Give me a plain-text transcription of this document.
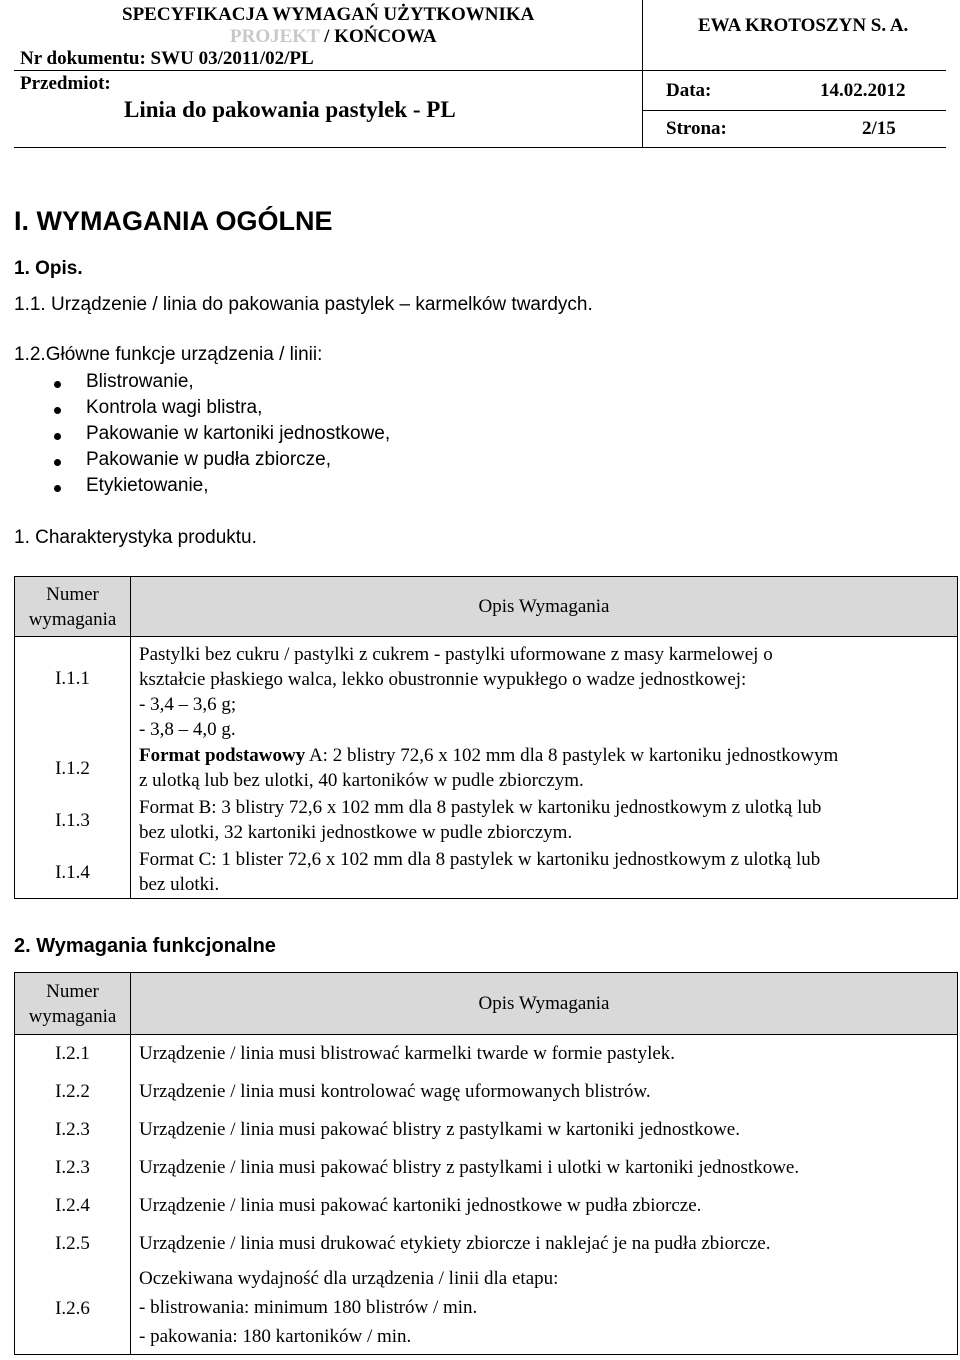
SPECYFIKACJA WYMAGAŃ UŻYTKOWNIKA
PROJEKT / KOŃCOWA
Nr dokumentu: SWU 03/2011/02/PL
EWA KROTOSZYN S. A.
Przedmiot:
Linia do pakowania pastylek - PL
Data:	14.02.2012
Strona:	2/15
I. WYMAGANIA OGÓLNE
1. Opis.
1.1. Urządzenie / linia do pakowania pastylek – karmelków twardych.
1.2.Główne funkcje urządzenia / linii:
Blistrowanie,
Kontrola wagi blistra,
Pakowanie w kartoniki jednostkowe,
Pakowanie w pudła zbiorcze,
Etykietowanie,
1. Charakterystyka produktu.
Numer wymagania	Opis Wymagania
I.1.1	Pastylki bez cukru / pastylki z cukrem - pastylki uformowane z masy karmelowej o
kształcie płaskiego walca, lekko obustronnie wypukłego o wadze jednostkowej:
- 3,4 – 3,6 g;
- 3,8 – 4,0 g.

I.1.2	Format podstawowy A: 2 blistry 72,6 x 102 mm dla 8 pastylek w kartoniku jednostkowym
z ulotką lub bez ulotki, 40 kartoników w pudle zbiorczym.

I.1.3	Format B: 3 blistry 72,6 x 102 mm dla 8 pastylek w kartoniku jednostkowym z ulotką lub
bez ulotki, 32 kartoniki jednostkowe w pudle zbiorczym.

I.1.4	Format C: 1 blister 72,6 x 102 mm dla 8 pastylek w kartoniku jednostkowym z ulotką lub
bez ulotki.
2. Wymagania funkcjonalne
Numer wymagania	Opis Wymagania
I.2.1	Urządzenie / linia musi blistrować karmelki twarde w formie pastylek.
I.2.2	Urządzenie / linia musi kontrolować wagę uformowanych blistrów.
I.2.3	Urządzenie / linia musi pakować blistry z pastylkami w kartoniki jednostkowe.
I.2.3	Urządzenie / linia musi pakować blistry z pastylkami i ulotki w kartoniki jednostkowe.
I.2.4	Urządzenie / linia musi pakować kartoniki jednostkowe w pudła zbiorcze.
I.2.5	Urządzenie / linia musi drukować etykiety zbiorcze i naklejać je na pudła zbiorcze.
I.2.6	Oczekiwana wydajność dla urządzenia / linii dla etapu:
- blistrowania: minimum 180 blistrów / min.
- pakowania: 180 kartoników / min.
